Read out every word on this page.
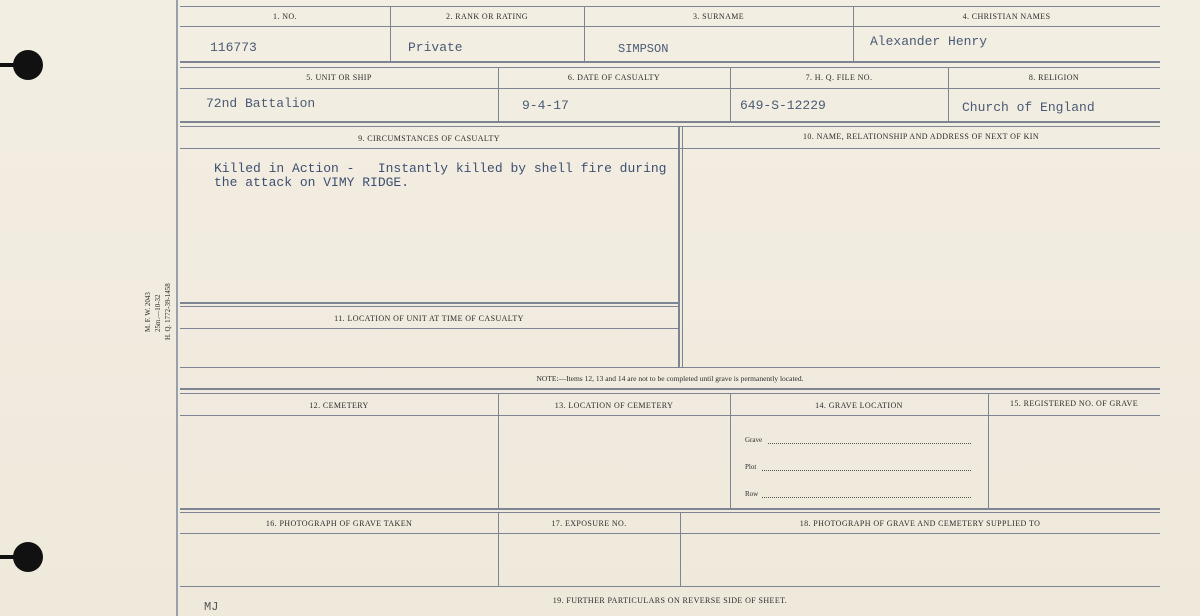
M. F. W. 2043 25m.—10-32 H. Q. 1772-39-1458
1. NO.	2. RANK OR RATING	3. SURNAME	4. CHRISTIAN NAMES
116773	Private	SIMPSON	Alexander Henry
5. UNIT OR SHIP	6. DATE OF CASUALTY	7. H. Q. FILE NO.	8. RELIGION
72nd Battalion	9-4-17	649-S-12229	Church of England
9. CIRCUMSTANCES OF CASUALTY	10. NAME, RELATIONSHIP AND ADDRESS OF NEXT OF KIN
Killed in Action -   Instantly killed by shell fire during
the attack on VIMY RIDGE.
11. LOCATION OF UNIT AT TIME OF CASUALTY
NOTE:—Items 12, 13 and 14 are not to be completed until grave is permanently located.
12. CEMETERY	13. LOCATION OF CEMETERY	14. GRAVE LOCATION	15. REGISTERED NO. OF GRAVE
Grave
Plot
Row
16. PHOTOGRAPH OF GRAVE TAKEN	17. EXPOSURE NO.	18. PHOTOGRAPH OF GRAVE AND CEMETERY SUPPLIED TO
19. FURTHER PARTICULARS ON REVERSE SIDE OF SHEET.
MJ
